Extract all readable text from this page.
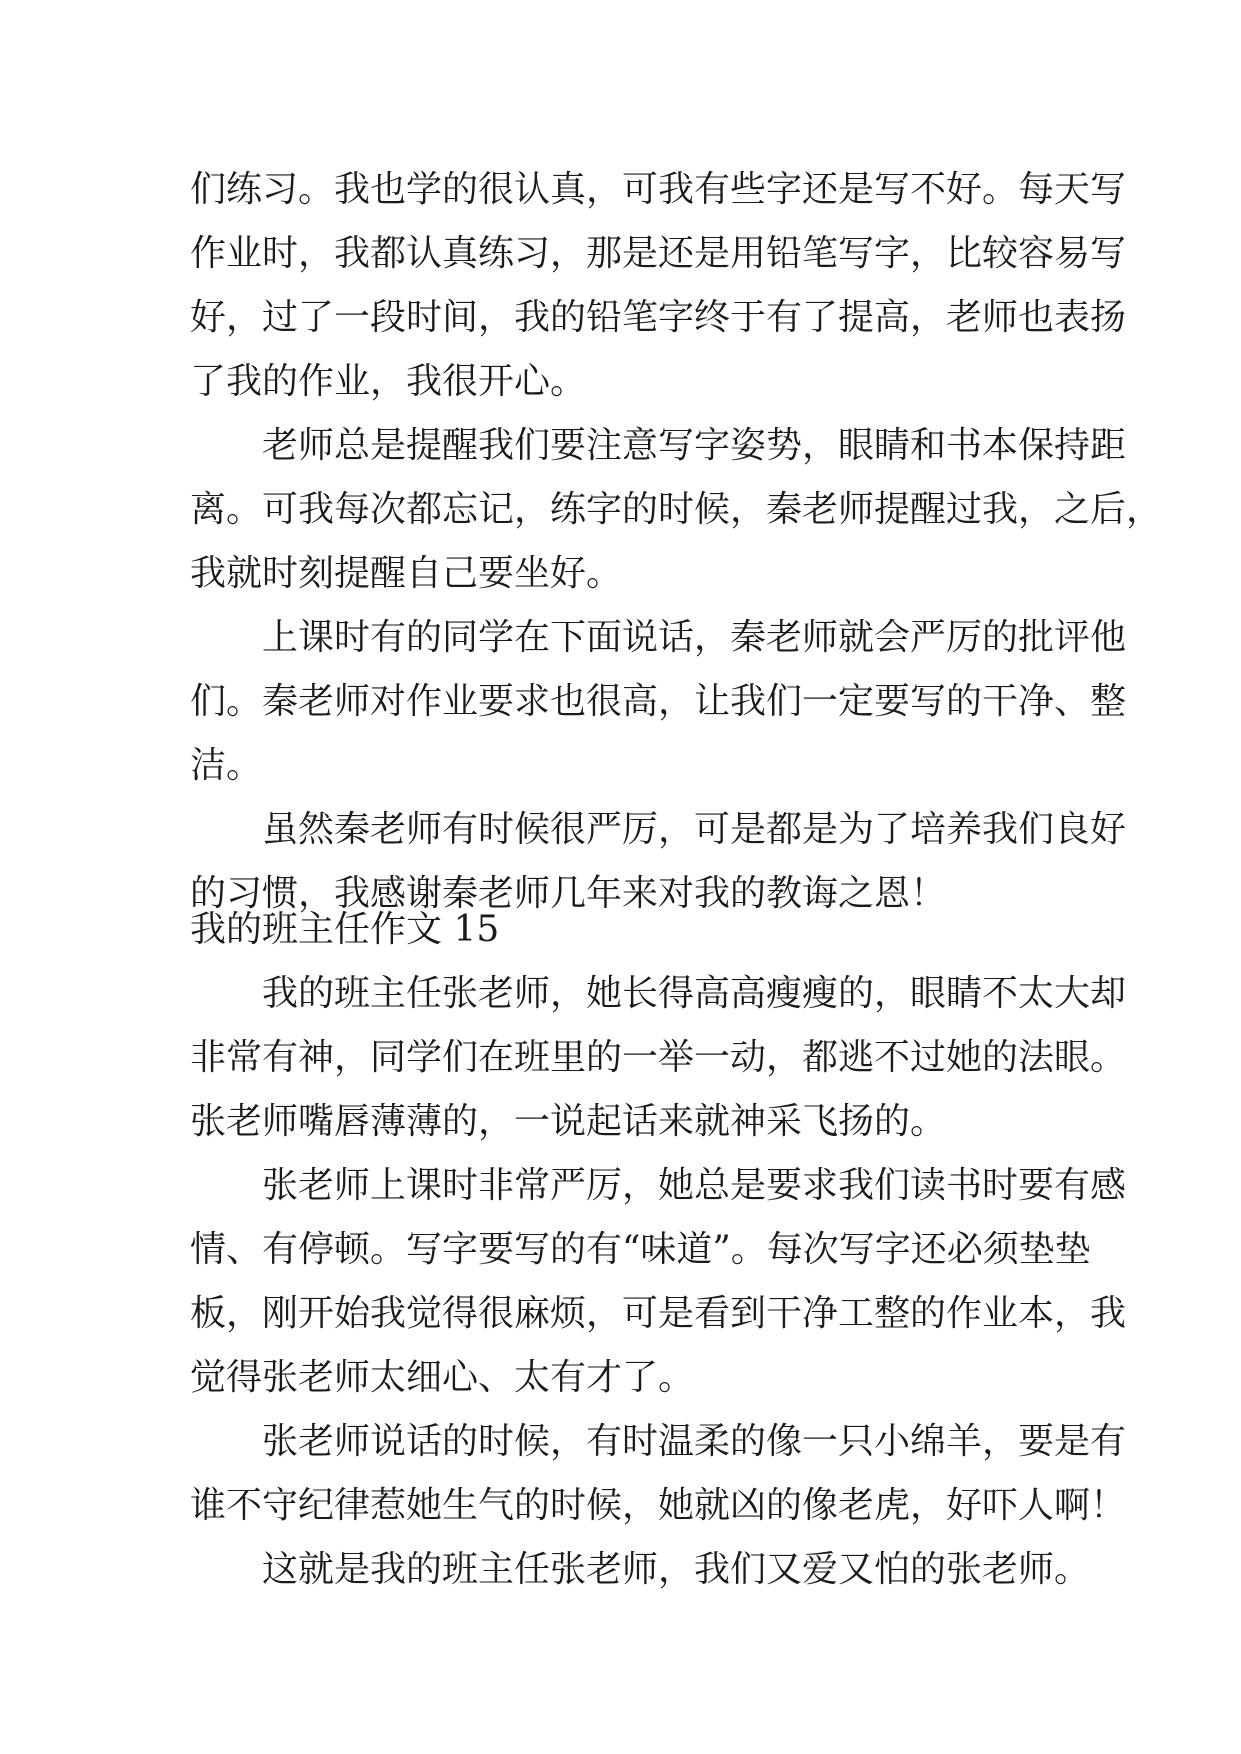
们练习。我也学的很认真，可我有些字还是写不好。每天写
作业时，我都认真练习，那是还是用铅笔写字，比较容易写
好，过了一段时间，我的铅笔字终于有了提高，老师也表扬
了我的作业，我很开心。
老师总是提醒我们要注意写字姿势，眼睛和书本保持距
离。可我每次都忘记，练字的时候，秦老师提醒过我，之后，
我就时刻提醒自己要坐好。
上课时有的同学在下面说话，秦老师就会严厉的批评他
们。秦老师对作业要求也很高，让我们一定要写的干净、整
洁。
虽然秦老师有时候很严厉，可是都是为了培养我们良好
的习惯，我感谢秦老师几年来对我的教诲之恩！
我的班主任作文 15
我的班主任张老师，她长得高高瘦瘦的，眼睛不太大却
非常有神，同学们在班里的一举一动，都逃不过她的法眼。
张老师嘴唇薄薄的，一说起话来就神采飞扬的。
张老师上课时非常严厉，她总是要求我们读书时要有感
情、有停顿。写字要写的有“味道”。每次写字还必须垫垫
板，刚开始我觉得很麻烦，可是看到干净工整的作业本，我
觉得张老师太细心、太有才了。
张老师说话的时候，有时温柔的像一只小绵羊，要是有
谁不守纪律惹她生气的时候，她就凶的像老虎，好吓人啊！
这就是我的班主任张老师，我们又爱又怕的张老师。
